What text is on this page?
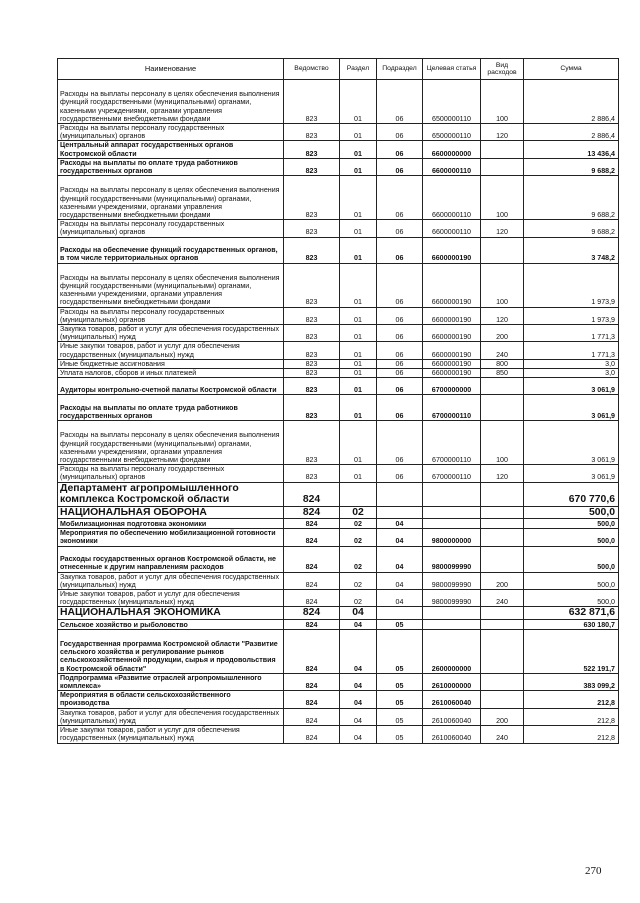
Наименование	Ведомство	Раздел	Подраздел	Целевая статья	Вид расходов	Сумма
Расходы на выплаты персоналу в целях обеспечения выполнения функций государственными (муниципальными) органами, казенными учреждениями, органами управления государственными внебюджетными фондами	823	01	06	6500000110	100	2 886,4
Расходы на выплаты персоналу государственных (муниципальных) органов	823	01	06	6500000110	120	2 886,4
Центральный аппарат государственных органов Костромской области	823	01	06	6600000000		13 436,4
Расходы на выплаты по оплате труда работников государственных органов	823	01	06	6600000110		9 688,2
Расходы на выплаты персоналу в целях обеспечения выполнения функций государственными (муниципальными) органами, казенными учреждениями, органами управления государственными внебюджетными фондами	823	01	06	6600000110	100	9 688,2
Расходы на выплаты персоналу государственных (муниципальных) органов	823	01	06	6600000110	120	9 688,2
Расходы на обеспечение функций государственных органов, в том числе территориальных органов	823	01	06	6600000190		3 748,2
Расходы на выплаты персоналу в целях обеспечения выполнения функций государственными (муниципальными) органами, казенными учреждениями, органами управления государственными внебюджетными фондами	823	01	06	6600000190	100	1 973,9
Расходы на выплаты персоналу государственных (муниципальных) органов	823	01	06	6600000190	120	1 973,9
Закупка товаров, работ и услуг для обеспечения государственных (муниципальных) нужд	823	01	06	6600000190	200	1 771,3
Иные закупки товаров, работ и услуг для обеспечения государственных (муниципальных) нужд	823	01	06	6600000190	240	1 771,3
Иные бюджетные ассигнования	823	01	06	6600000190	800	3,0
Уплата налогов, сборов и иных платежей	823	01	06	6600000190	850	3,0
Аудиторы контрольно-счетной палаты Костромской области	823	01	06	6700000000		3 061,9
Расходы на выплаты по оплате труда работников государственных органов	823	01	06	6700000110		3 061,9
Расходы на выплаты персоналу в целях обеспечения выполнения функций государственными (муниципальными) органами, казенными учреждениями, органами управления государственными внебюджетными фондами	823	01	06	6700000110	100	3 061,9
Расходы на выплаты персоналу государственных (муниципальных) органов	823	01	06	6700000110	120	3 061,9
Департамент агропромышленного комплекса Костромской области	824					670 770,6
НАЦИОНАЛЬНАЯ ОБОРОНА	824	02				500,0
Мобилизационная подготовка экономики	824	02	04			500,0
Мероприятия по обеспечению мобилизационной готовности экономики	824	02	04	9800000000		500,0
Расходы государственных органов Костромской области, не отнесенные к другим направлениям расходов	824	02	04	9800099990		500,0
Закупка товаров, работ и услуг для обеспечения государственных (муниципальных) нужд	824	02	04	9800099990	200	500,0
Иные закупки товаров, работ и услуг для обеспечения государственных (муниципальных) нужд	824	02	04	9800099990	240	500,0
НАЦИОНАЛЬНАЯ ЭКОНОМИКА	824	04				632 871,6
Сельское хозяйство и рыболовство	824	04	05			630 180,7
Государственная программа Костромской области "Развитие сельского хозяйства и регулирование рынков сельскохозяйственной продукции, сырья и продовольствия в Костромской области"	824	04	05	2600000000		522 191,7
Подпрограмма «Развитие отраслей агропромышленного комплекса»	824	04	05	2610000000		383 099,2
Мероприятия в области сельскохозяйственного производства	824	04	05	2610060040		212,8
Закупка товаров, работ и услуг для обеспечения государственных (муниципальных) нужд	824	04	05	2610060040	200	212,8
Иные закупки товаров, работ и услуг для обеспечения государственных (муниципальных) нужд	824	04	05	2610060040	240	212,8
270
